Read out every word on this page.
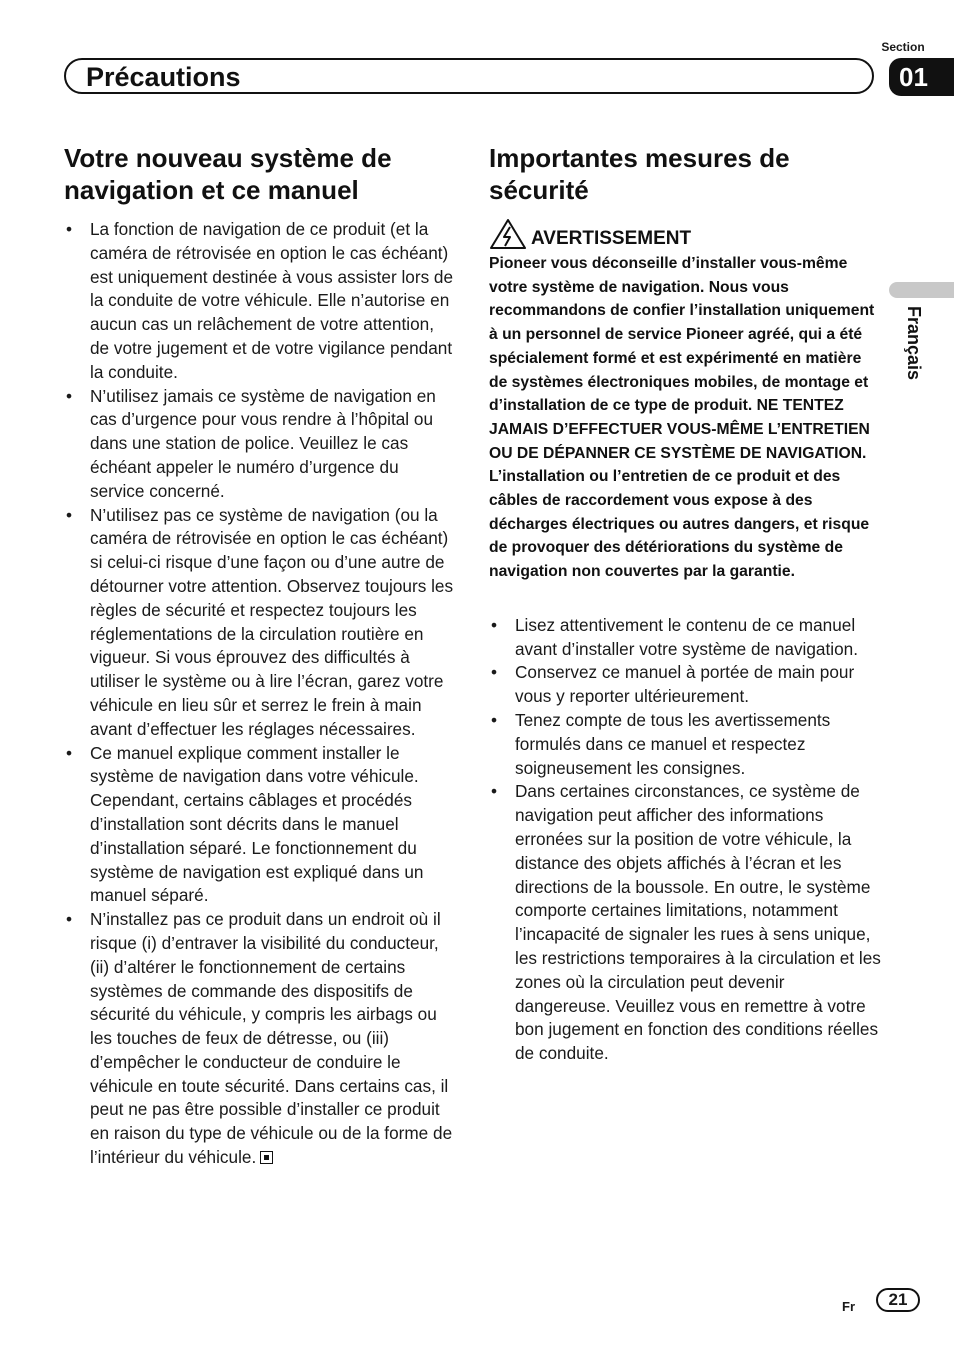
Section
01
Précautions
Français
Votre nouveau système de navigation et ce manuel
• La fonction de navigation de ce produit (et la caméra de rétrovisée en option le cas échéant) est uniquement destinée à vous assister lors de la conduite de votre véhicule. Elle n’autorise en aucun cas un relâchement de votre attention, de votre jugement et de votre vigilance pendant la conduite.
• N’utilisez jamais ce système de navigation en cas d’urgence pour vous rendre à l’hôpital ou dans une station de police. Veuillez le cas échéant appeler le numéro d’urgence du service concerné.
• N’utilisez pas ce système de navigation (ou la caméra de rétrovisée en option le cas échéant) si celui-ci risque d’une façon ou d’une autre de détourner votre attention. Observez toujours les règles de sécurité et respectez toujours les réglementations de la circulation routière en vigueur. Si vous éprouvez des difficultés à utiliser le système ou à lire l’écran, garez votre véhicule en lieu sûr et serrez le frein à main avant d’effectuer les réglages nécessaires.
• Ce manuel explique comment installer le système de navigation dans votre véhicule. Cependant, certains câblages et procédés d’installation sont décrits dans le manuel d’installation séparé. Le fonctionnement du système de navigation est expliqué dans un manuel séparé.
• N’installez pas ce produit dans un endroit où il risque (i) d’entraver la visibilité du conducteur, (ii) d’altérer le fonctionnement de certains systèmes de commande des dispositifs de sécurité du véhicule, y compris les airbags ou les touches de feux de détresse, ou (iii) d’empêcher le conducteur de conduire le véhicule en toute sécurité. Dans certains cas, il peut ne pas être possible d’installer ce produit en raison du type de véhicule ou de la forme de l’intérieur du véhicule.
Importantes mesures de sécurité
AVERTISSEMENT
Pioneer vous déconseille d’installer vous-même votre système de navigation. Nous vous recommandons de confier l’installation uniquement à un personnel de service Pioneer agréé, qui a été spécialement formé et est expérimenté en matière de systèmes électroniques mobiles, de montage et d’installation de ce type de produit. NE TENTEZ JAMAIS D’EFFECTUER VOUS-MÊME L’ENTRETIEN OU DE DÉPANNER CE SYSTÈME DE NAVIGATION. L’installation ou l’entretien de ce produit et des câbles de raccordement vous expose à des décharges électriques ou autres dangers, et risque de provoquer des détériorations du système de navigation non couvertes par la garantie.
• Lisez attentivement le contenu de ce manuel avant d’installer votre système de navigation.
• Conservez ce manuel à portée de main pour vous y reporter ultérieurement.
• Tenez compte de tous les avertissements formulés dans ce manuel et respectez soigneusement les consignes.
• Dans certaines circonstances, ce système de navigation peut afficher des informations erronées sur la position de votre véhicule, la distance des objets affichés à l’écran et les directions de la boussole. En outre, le système comporte certaines limitations, notamment l’incapacité de signaler les rues à sens unique, les restrictions temporaires à la circulation et les zones où la circulation peut devenir dangereuse. Veuillez vous en remettre à votre bon jugement en fonction des conditions réelles de conduite.
Fr	21
